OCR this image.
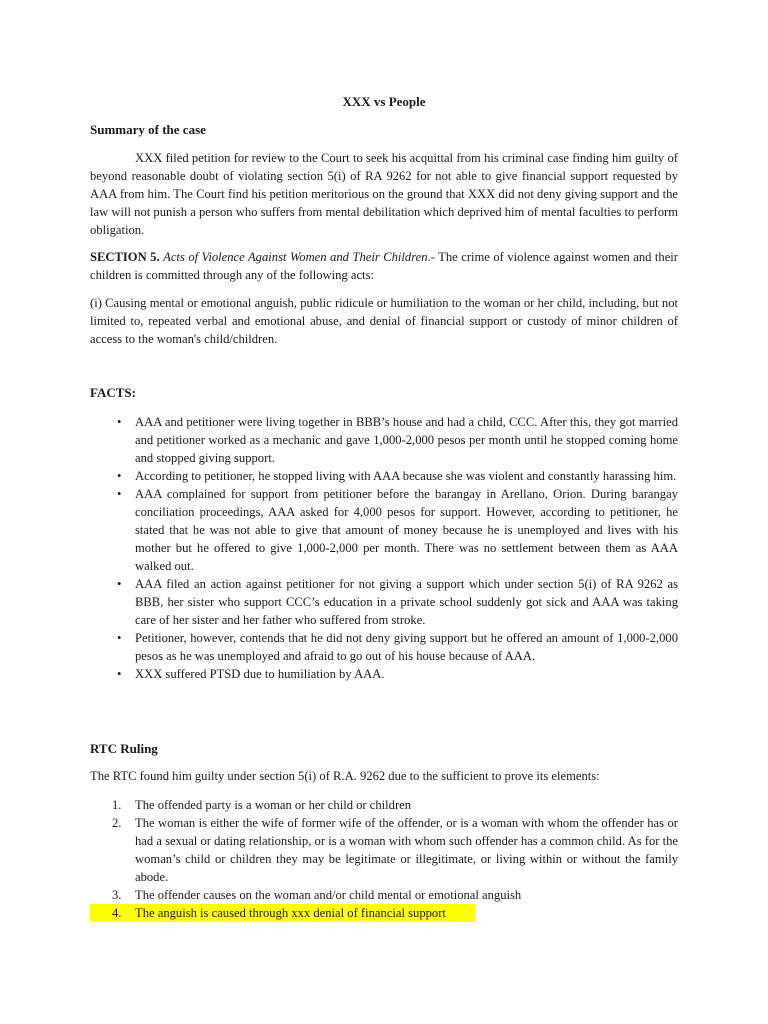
XXX vs People
Summary of the case
XXX filed petition for review to the Court to seek his acquittal from his criminal case finding him guilty of beyond reasonable doubt of violating section 5(i) of RA 9262 for not able to give financial support requested by AAA from him. The Court find his petition meritorious on the ground that XXX did not deny giving support and the law will not punish a person who suffers from mental debilitation which deprived him of mental faculties to perform obligation.
SECTION 5. Acts of Violence Against Women and Their Children.- The crime of violence against women and their children is committed through any of the following acts:
(i) Causing mental or emotional anguish, public ridicule or humiliation to the woman or her child, including, but not limited to, repeated verbal and emotional abuse, and denial of financial support or custody of minor children of access to the woman's child/children.
FACTS:
• AAA and petitioner were living together in BBB’s house and had a child, CCC. After this, they got married and petitioner worked as a mechanic and gave 1,000-2,000 pesos per month until he stopped coming home and stopped giving support.
• According to petitioner, he stopped living with AAA because she was violent and constantly harassing him.
• AAA complained for support from petitioner before the barangay in Arellano, Orion. During barangay conciliation proceedings, AAA asked for 4,000 pesos for support. However, according to petitioner, he stated that he was not able to give that amount of money because he is unemployed and lives with his mother but he offered to give 1,000-2,000 per month. There was no settlement between them as AAA walked out.
• AAA filed an action against petitioner for not giving a support which under section 5(i) of RA 9262 as BBB, her sister who support CCC’s education in a private school suddenly got sick and AAA was taking care of her sister and her father who suffered from stroke.
• Petitioner, however, contends that he did not deny giving support but he offered an amount of 1,000-2,000 pesos as he was unemployed and afraid to go out of his house because of AAA.
• XXX suffered PTSD due to humiliation by AAA.
RTC Ruling
The RTC found him guilty under section 5(i) of R.A. 9262 due to the sufficient to prove its elements:
1. The offended party is a woman or her child or children
2. The woman is either the wife of former wife of the offender, or is a woman with whom the offender has or had a sexual or dating relationship, or is a woman with whom such offender has a common child. As for the woman’s child or children they may be legitimate or illegitimate, or living within or without the family abode.
3. The offender causes on the woman and/or child mental or emotional anguish
4. The anguish is caused through xxx denial of financial support
